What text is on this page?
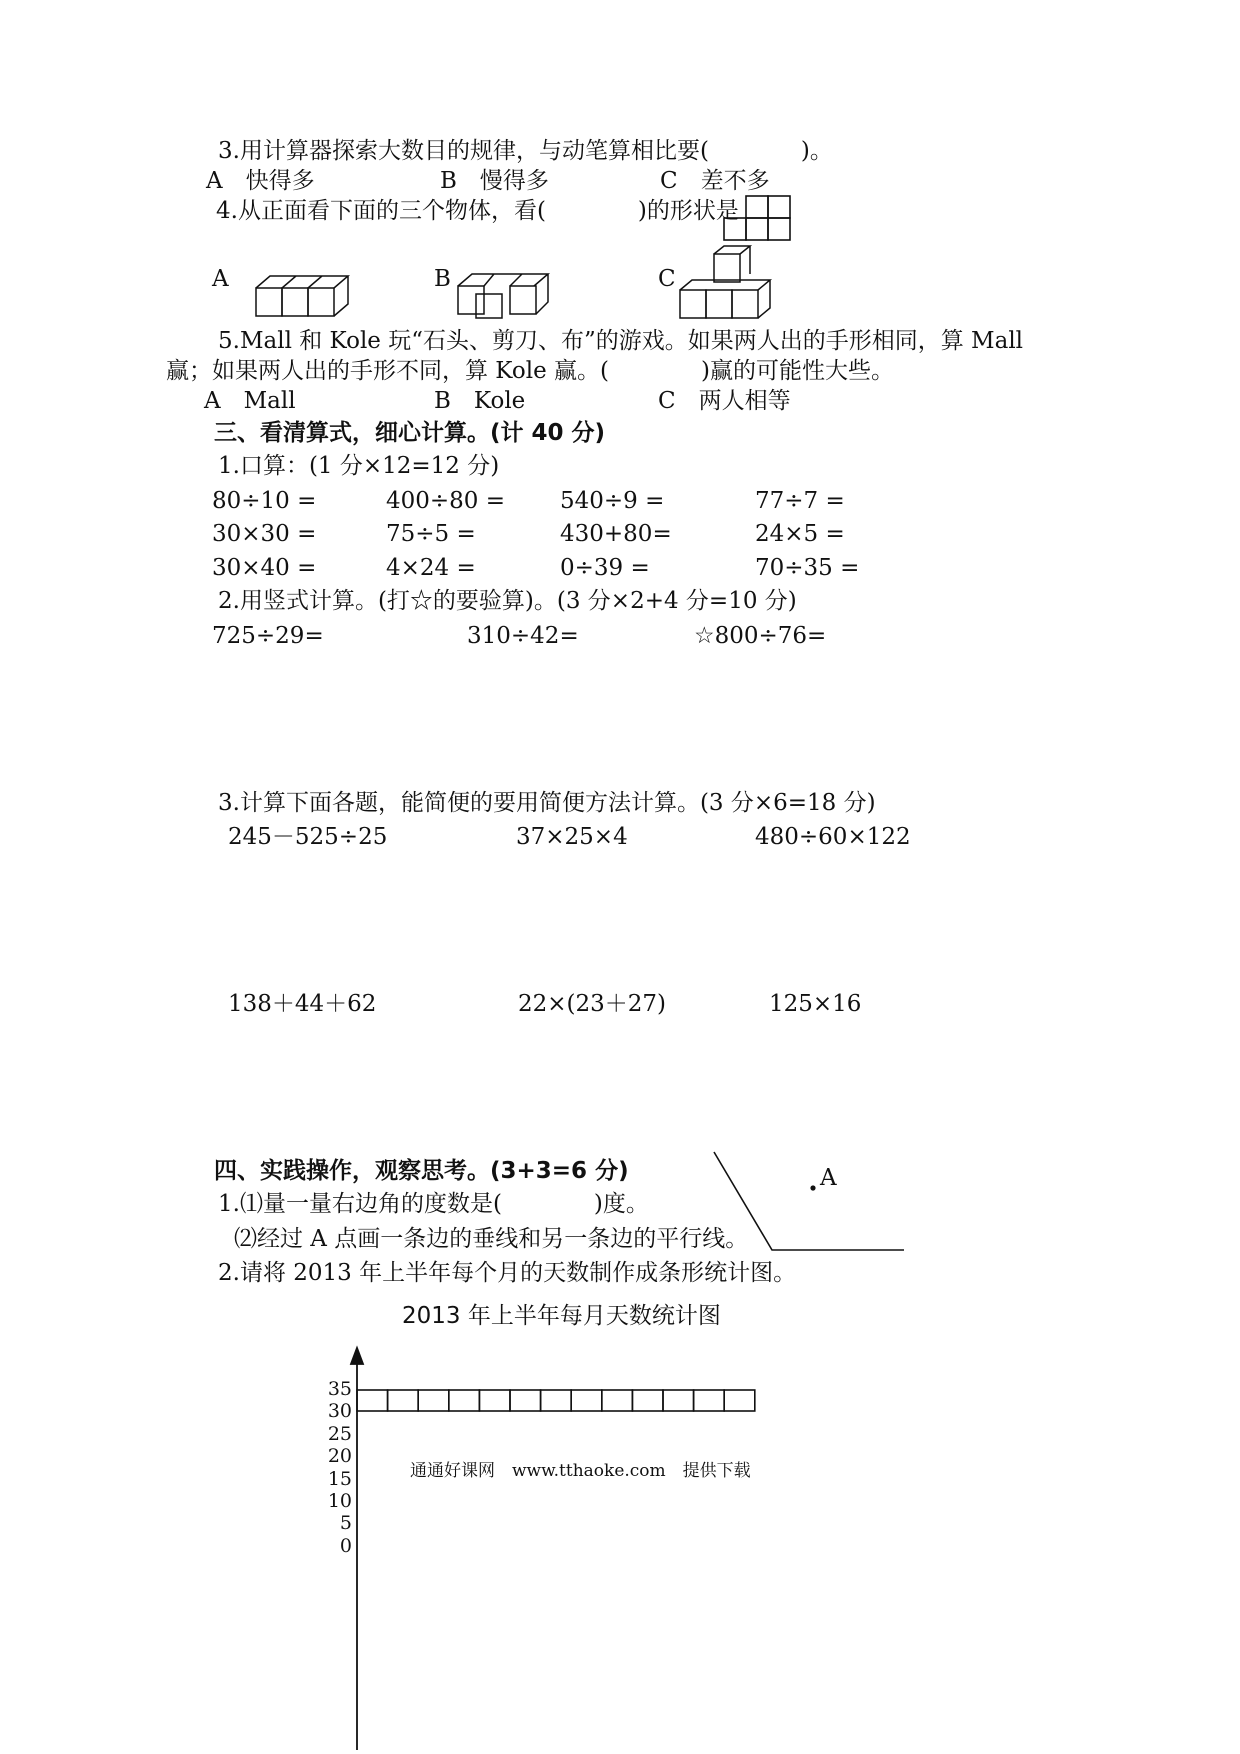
3.用计算器探索大数目的规律，与动笔算相比要(　　　　)。
A　快得多	B　慢得多	C　差不多
4.从正面看下面的三个物体，看(　　　　)的形状是
A	B	C
5.Mall 和 Kole 玩“石头、剪刀、布”的游戏。如果两人出的手形相同，算 Mall
赢；如果两人出的手形不同，算 Kole 赢。(　　　　)赢的可能性大些。
A　Mall	B　Kole	C　两人相等
三、看清算式，细心计算。(计 40 分)
1.口算：(1 分×12=12 分)
80÷10 =	400÷80 = 540÷9 =	77÷7 =
30×30 =	75÷5 =	430+80=	24×5 =
30×40 =	4×24 =	0÷39 =	70÷35 =
2.用竖式计算。(打☆的要验算)。(3 分×2+4 分=10 分)
725÷29=	310÷42=	☆800÷76=
3.计算下面各题，能简便的要用简便方法计算。(3 分×6=18 分)
245－525÷25	37×25×4	480÷60×122
138＋44＋62	22×(23＋27)	125×16
四、实践操作，观察思考。(3+3=6 分)
1.⑴量一量右边角的度数是(　　　　)度。
⑵经过 A 点画一条边的垂线和另一条边的平行线。
2.请将 2013 年上半年每个月的天数制作成条形统计图。
A
2013 年上半年每月天数统计图
35
30
25
20
15
10
5
0
通通好课网　www.tthaoke.com　提供下载
